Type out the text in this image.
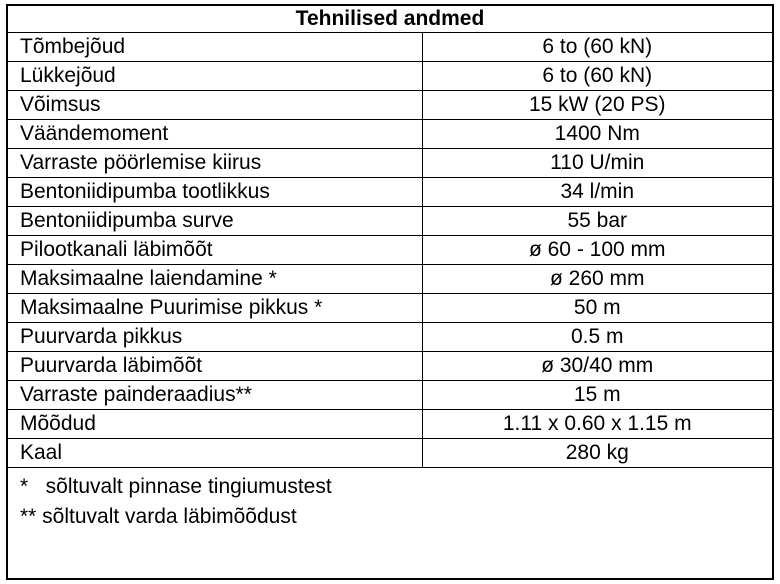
Tehnilised andmed	
Tõmbejõud	6 to (60 kN)
Lükkejõud	6 to (60 kN)
Võimsus	15 kW (20 PS)
Väändemoment	1400 Nm
Varraste pöörlemise kiirus	110 U/min
Bentoniidipumba tootlikkus	34 l/min
Bentoniidipumba surve	55 bar
Pilootkanali läbimõõt	ø 60 - 100 mm
Maksimaalne laiendamine *	ø 260 mm
Maksimaalne Puurimise pikkus *	50 m
Puurvarda pikkus	0.5 m
Puurvarda läbimõõt	ø 30/40 mm
Varraste painderaadius**	15 m
Mõõdud	1.11 x 0.60 x 1.15 m
Kaal	280 kg
*   sõltuvalt pinnase tingiumustest
** sõltuvalt varda läbimõõdust
